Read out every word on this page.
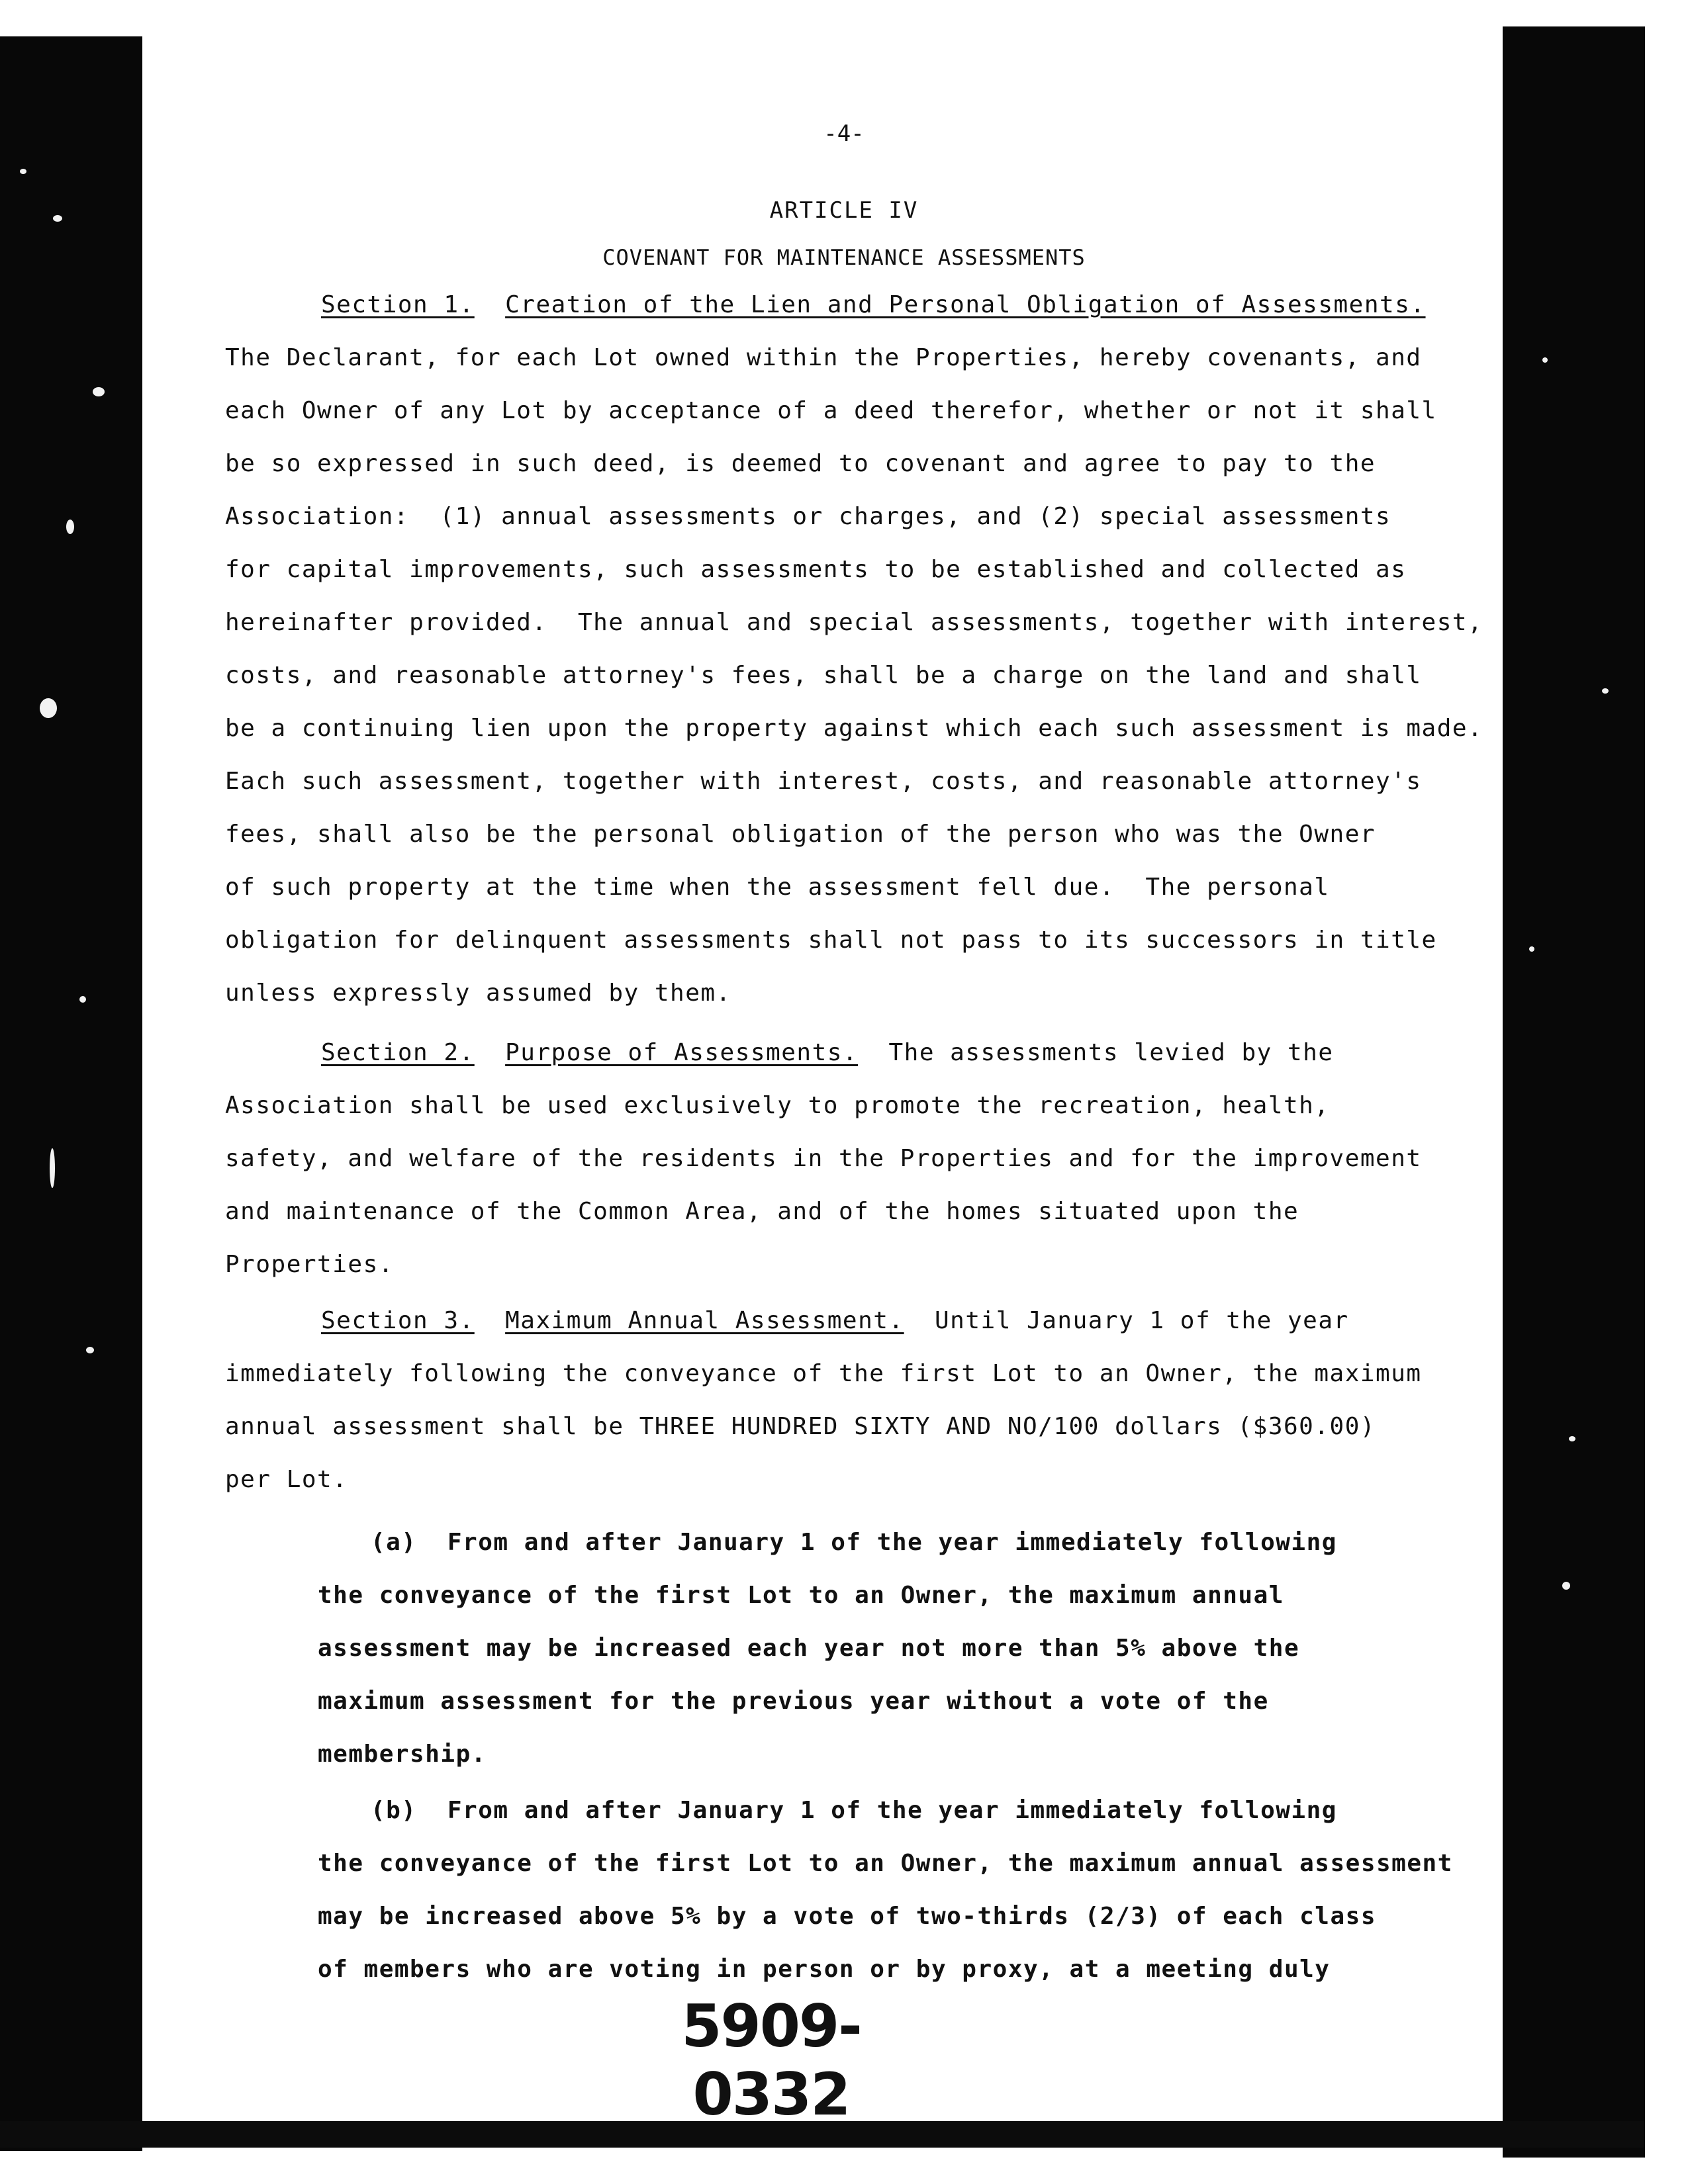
-4-
ARTICLE IV
COVENANT FOR MAINTENANCE ASSESSMENTS
Section 1. Creation of the Lien and Personal Obligation of Assessments.
The Declarant, for each Lot owned within the Properties, hereby covenants, and
each Owner of any Lot by acceptance of a deed therefor, whether or not it shall
be so expressed in such deed, is deemed to covenant and agree to pay to the
Association:  (1) annual assessments or charges, and (2) special assessments
for capital improvements, such assessments to be established and collected as
hereinafter provided.  The annual and special assessments, together with interest,
costs, and reasonable attorney's fees, shall be a charge on the land and shall
be a continuing lien upon the property against which each such assessment is made.
Each such assessment, together with interest, costs, and reasonable attorney's
fees, shall also be the personal obligation of the person who was the Owner
of such property at the time when the assessment fell due.  The personal
obligation for delinquent assessments shall not pass to its successors in title
unless expressly assumed by them.
Section 2. Purpose of Assessments. The assessments levied by the
Association shall be used exclusively to promote the recreation, health,
safety, and welfare of the residents in the Properties and for the improvement
and maintenance of the Common Area, and of the homes situated upon the
Properties.
Section 3. Maximum Annual Assessment. Until January 1 of the year
immediately following the conveyance of the first Lot to an Owner, the maximum
annual assessment shall be THREE HUNDRED SIXTY AND NO/100 dollars ($360.00)
per Lot.
(a)  From and after January 1 of the year immediately following
the conveyance of the first Lot to an Owner, the maximum annual
assessment may be increased each year not more than 5% above the
maximum assessment for the previous year without a vote of the
membership.
(b)  From and after January 1 of the year immediately following
the conveyance of the first Lot to an Owner, the maximum annual assessment
may be increased above 5% by a vote of two-thirds (2/3) of each class
of members who are voting in person or by proxy, at a meeting duly
5909-0332
